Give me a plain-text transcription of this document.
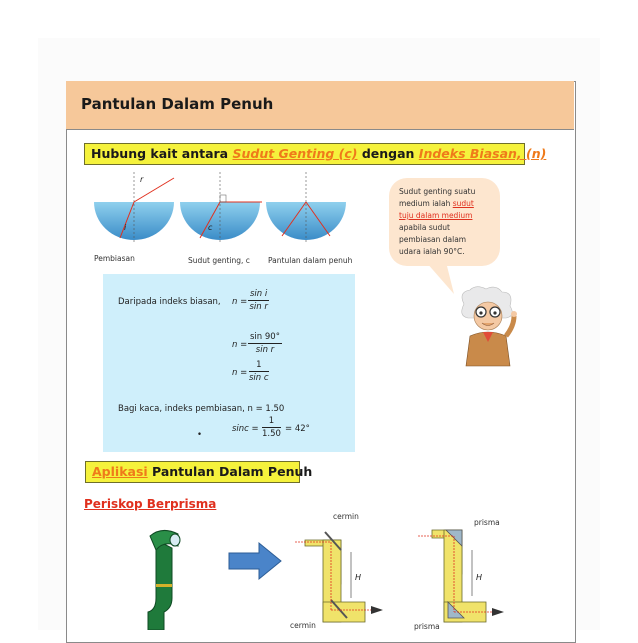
Pantulan Dalam Penuh
Hubung kait antara Sudut Genting (c) dengan Indeks Biasan, (n)
r
i	c
Pembiasan	Sudut genting, c Pantulan dalam penuh
Sudut genting suatu medium ialah sudut tuju dalam medium apabila sudut pembiasan dalam udara ialah 90°C.
Daripada indeks biasan, n =
sin i
sin r
n =
sin 90°
sin r
n =
1
sin c
Bagi kaca, indeks pembiasan, n = 1.50
•
sinc =
1
1.50 = 42°
Aplikasi Pantulan Dalam Penuh
Periskop Berprisma
H
cermin
cermin
H
prisma
prisma
